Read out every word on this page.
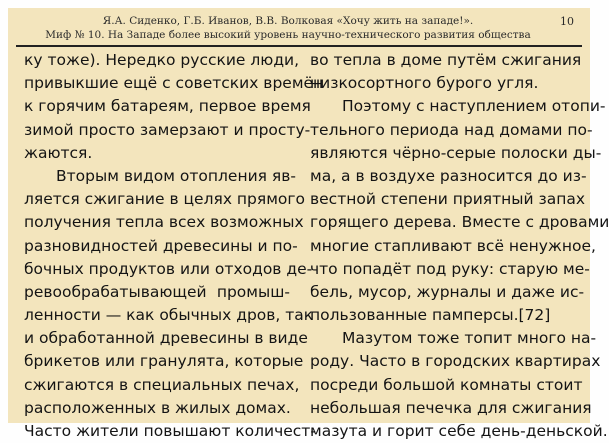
Я.А. Сиденко, Г.Б. Иванов, В.В. Волковая «Хочу жить на западе!».
Миф № 10. На Западе более высокий уровень научно-технического развития общества
10
ку тоже). Нередко русские люди,
привыкшие ещё с советских времён
к горячим батареям, первое время
зимой просто замерзают и просту-
жаются.
Вторым видом отопления яв-
ляется сжигание в целях прямого
получения тепла всех возможных
разновидностей древесины и по-
бочных продуктов или отходов де-
ревообрабатывающей промыш-
ленности — как обычных дров, так
и обработанной древесины в виде
брикетов или гранулята, которые
сжигаются в специальных печах,
расположенных в жилых домах.
Часто жители повышают количест-
во тепла в доме путём сжигания
низкосортного бурого угля.
Поэтому с наступлением отопи-
тельного периода над домами по-
являются чёрно-серые полоски ды-
ма, а в воздухе разносится до из-
вестной степени приятный запах
горящего дерева. Вместе с дровами
многие стапливают всё ненужное,
что попадёт под руку: старую ме-
бель, мусор, журналы и даже ис-
пользованные памперсы.[72]
Мазутом тоже топит много на-
роду. Часто в городских квартирах
посреди большой комнаты стоит
небольшая печечка для сжигания
мазута и горит себе день-деньской.
